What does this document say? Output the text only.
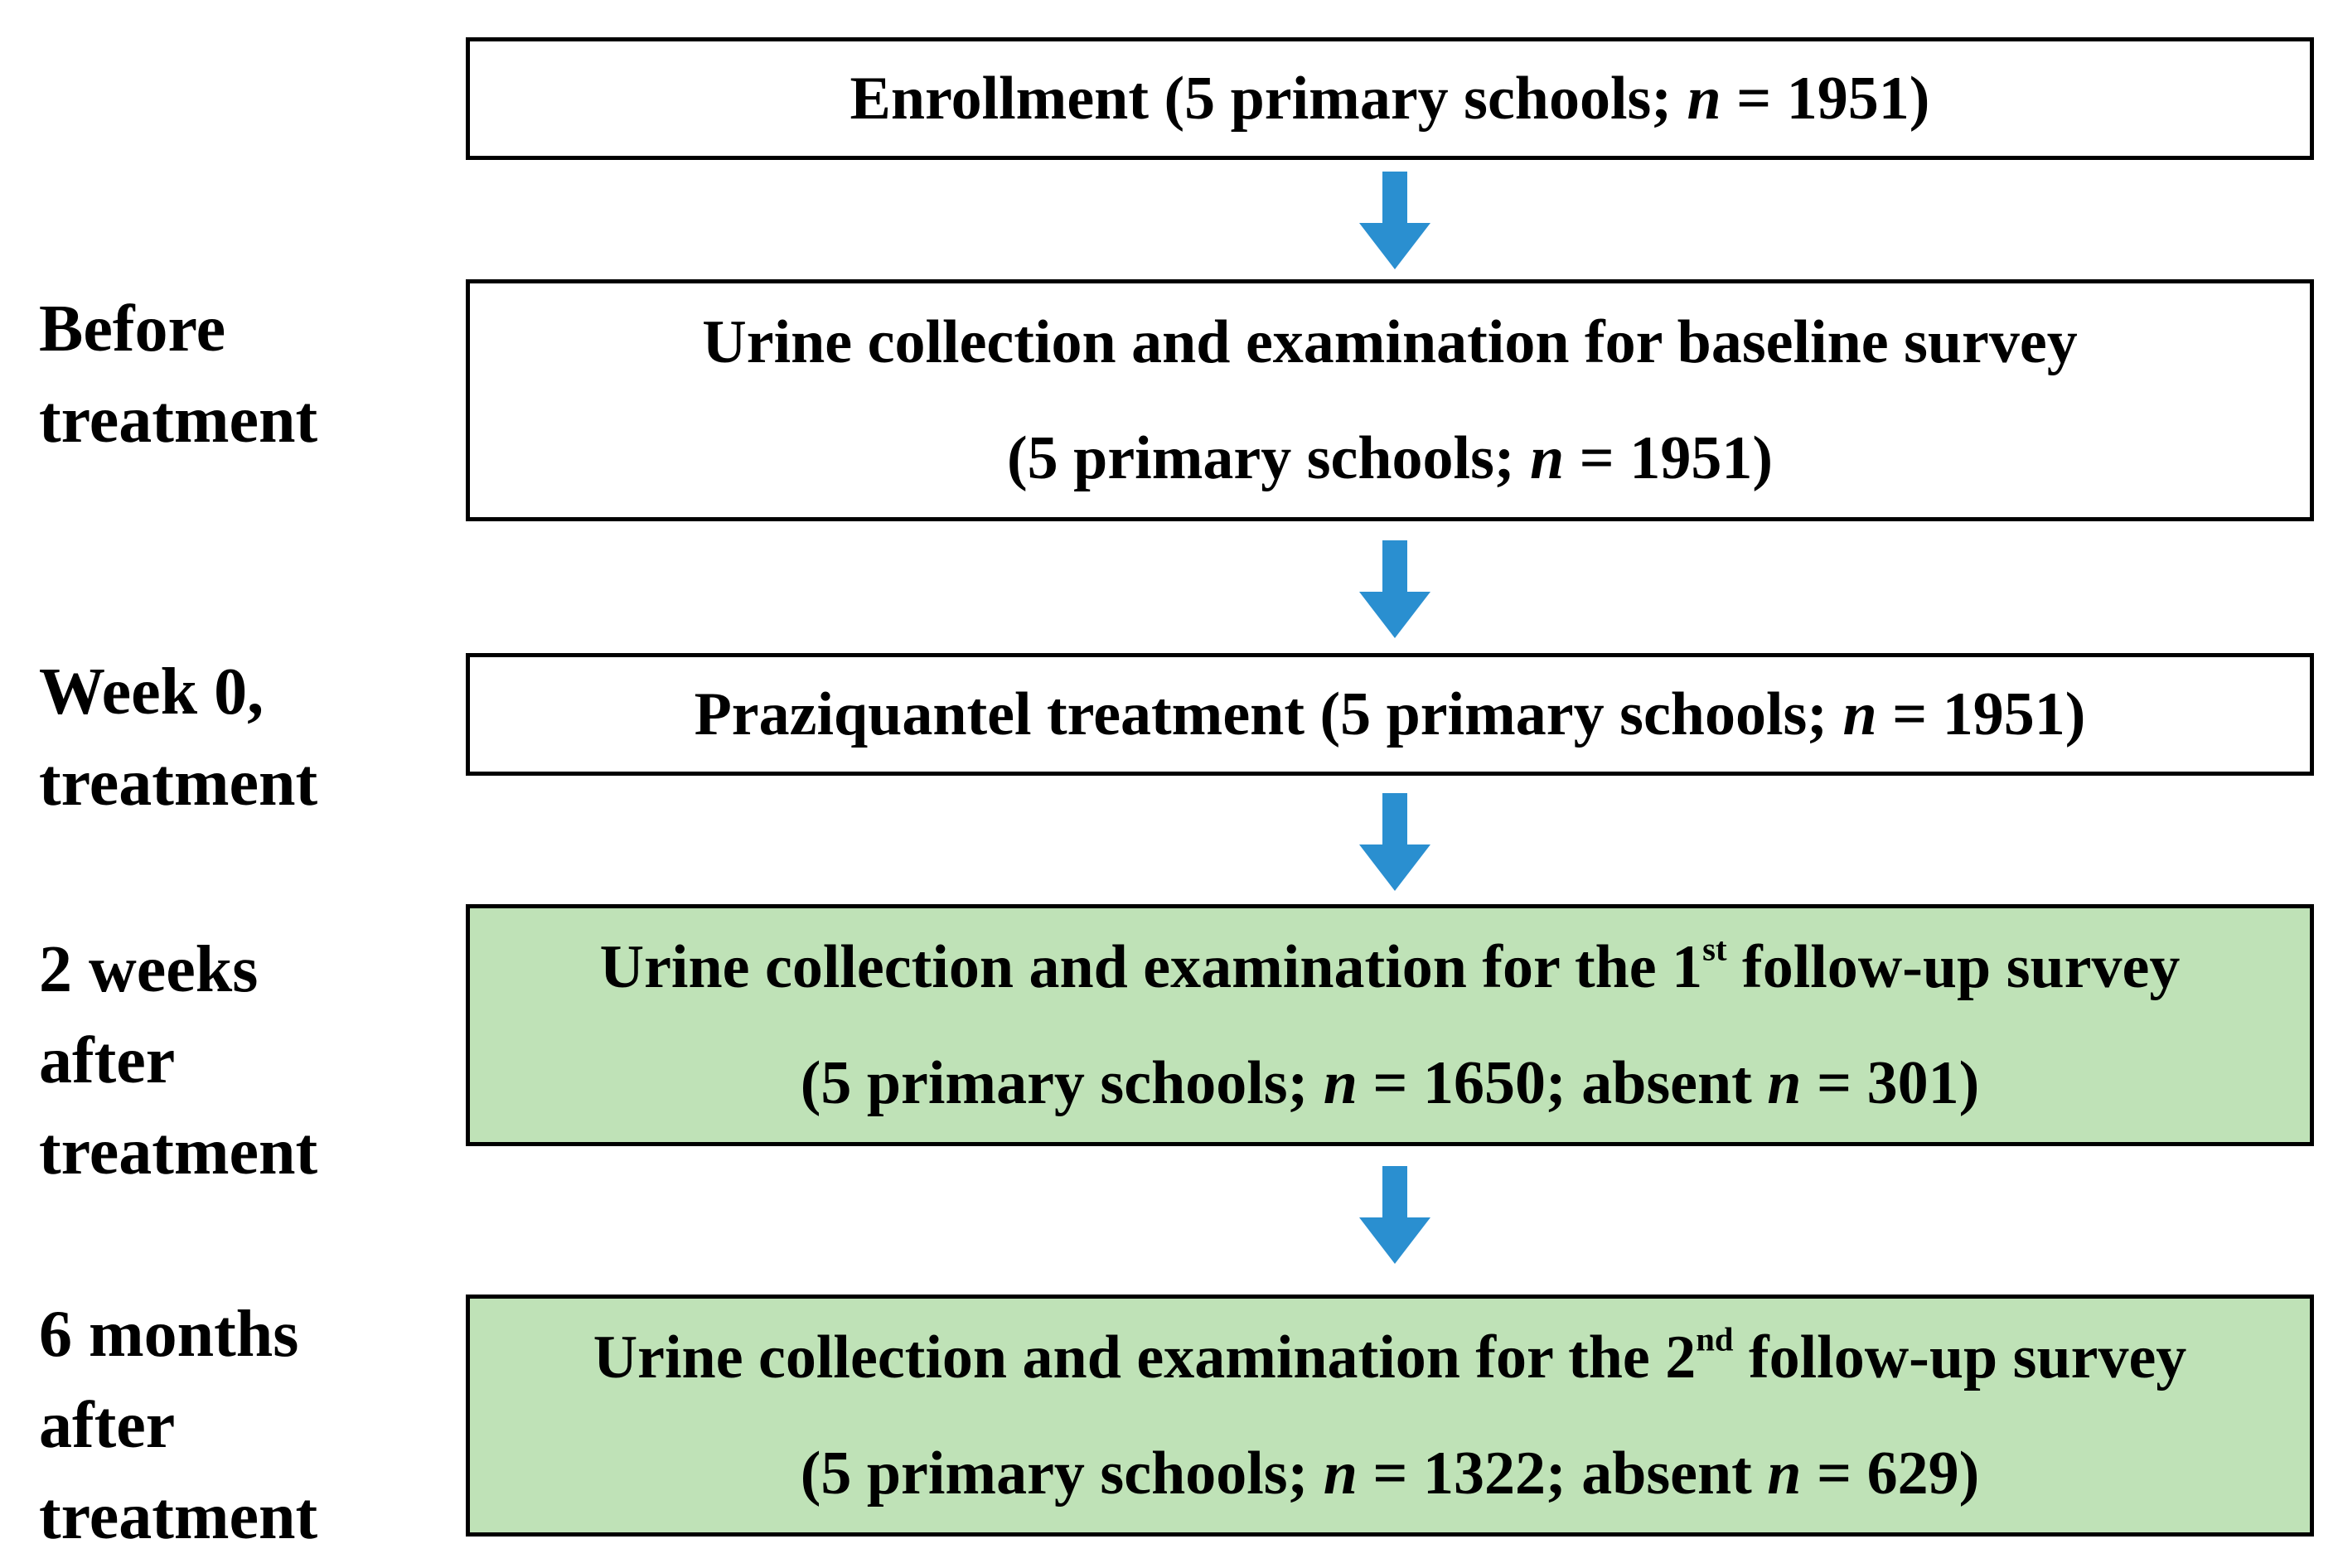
Before
treatment
Week 0,
treatment
2 weeks
after
treatment
6 months
after
treatment
Enrollment (5 primary schools; n = 1951)
Urine collection and examination for baseline survey
(5 primary schools; n = 1951)
Praziquantel treatment (5 primary schools; n = 1951)
Urine collection and examination for the 1st follow-up survey
(5 primary schools; n = 1650; absent n = 301)
Urine collection and examination for the 2nd follow-up survey
(5 primary schools; n = 1322; absent n = 629)
